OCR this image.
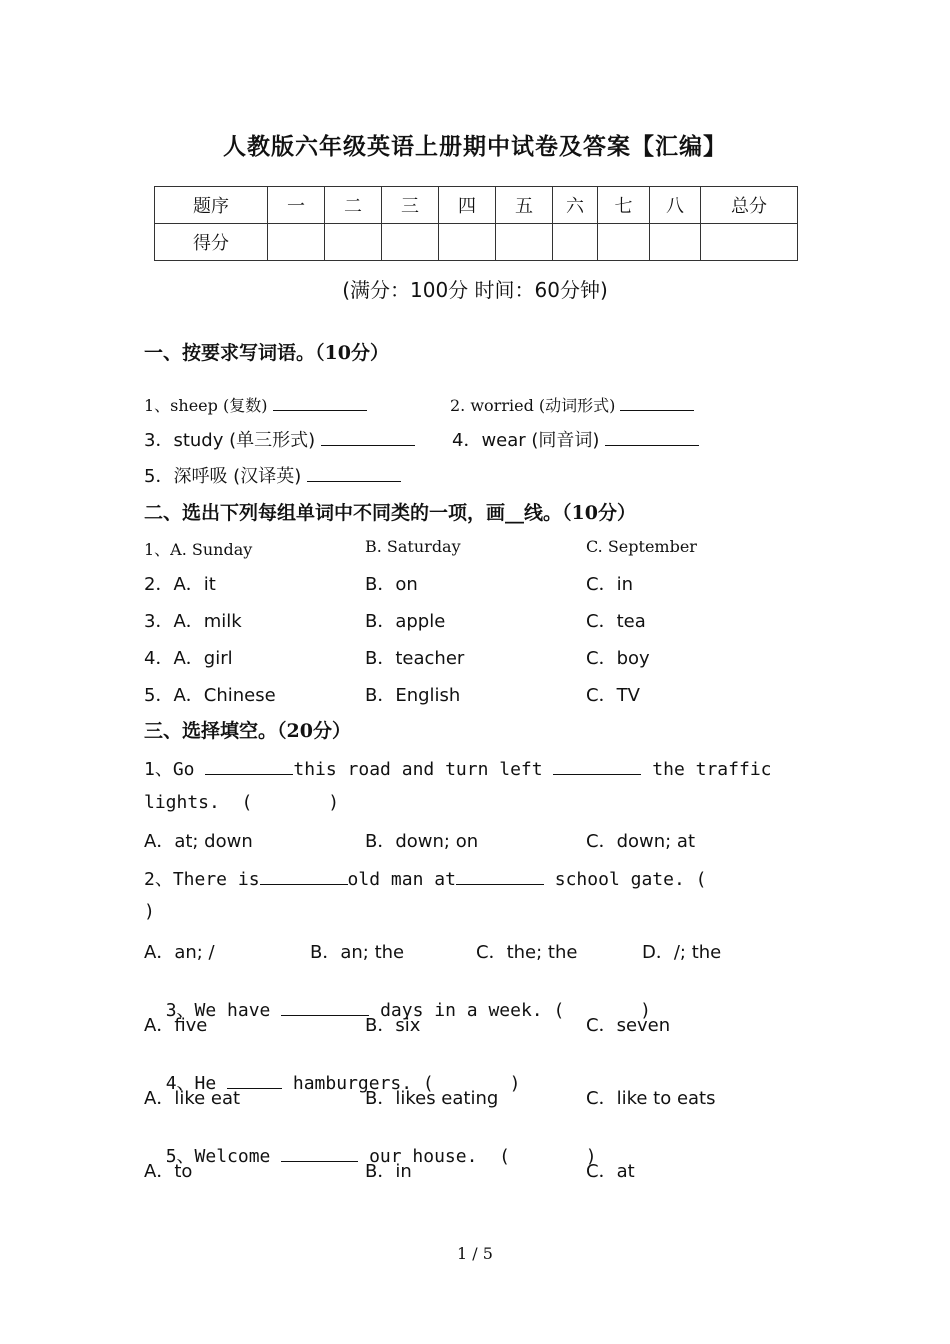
人教版六年级英语上册期中试卷及答案【汇编】
题序	一	二	三	四	五	六	七	八	总分
得分									
(满分：100分 时间：60分钟)
一、按要求写词语。（10分）
1、sheep (复数)	2. worried (动词形式)
3．study (单三形式)	4．wear (同音词)
5．深呼吸 (汉译英)
二、选出下列每组单词中不同类的一项，画__线。（10分）
1、A. Sunday	B. Saturday	C. September
2．A．it	B．on	C．in
3．A．milk	B．apple	C．tea
4．A．girl	B．teacher	C．boy
5．A．Chinese	B．English	C．TV
三、选择填空。（20分）
1、Go	this road and turn left	the traffic
lights.  (       )
A．at; down	B．down; on	C．down; at
2、There is	old man at	school gate. (
)
A．an; /	B．an; the	C．the; the	D．/; the

3、We have	days in a week. (       )

A．five	B．six	C．seven

4、He	hamburgers. (       )

A．like eat	B．likes eating	C．like to eats

5、Welcome	our house.  (       )

A．to	B．in	C．at
1 / 5
